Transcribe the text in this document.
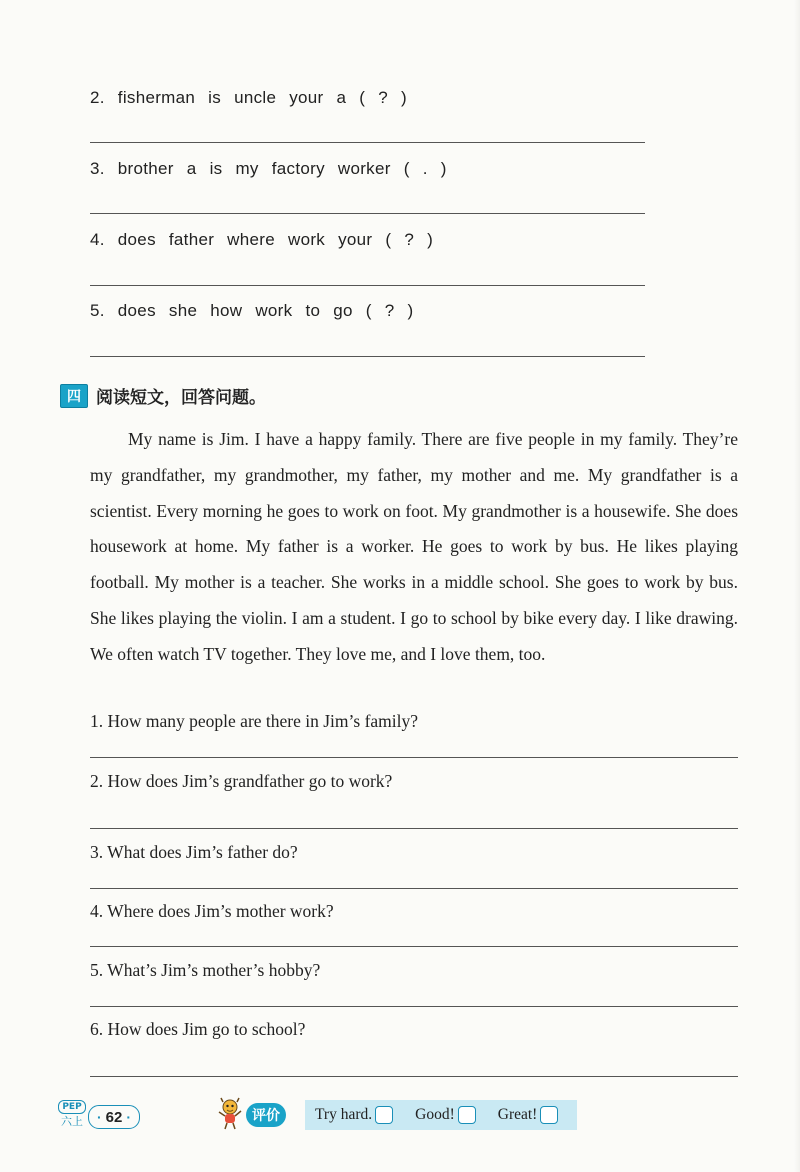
2. fisherman is uncle your a ( ? )
3. brother a is my factory worker ( . )
4. does father where work your ( ? )
5. does she how work to go ( ? )
四 阅读短文，回答问题。

My name is Jim. I have a happy family. There are five people in my family. They’re my grandfather, my grandmother, my father, my mother and me. My grandfather is a scientist. Every morning he goes to work on foot. My grandmother is a housewife. She does housework at home. My father is a worker. He goes to work by bus. He likes playing football. My mother is a teacher. She works in a middle school. She goes to work by bus. She likes playing the violin. I am a student. I go to school by bike every day. I like drawing. We often watch TV together. They love me, and I love them, too.

1. How many people are there in Jim’s family?
2. How does Jim’s grandfather go to work?
3. What does Jim’s father do?
4. Where does Jim’s mother work?
5. What’s Jim’s mother’s hobby?
6. How does Jim go to school?
PEP
六上 · 62 ·	评价	Try hard.	Good!	Great!
